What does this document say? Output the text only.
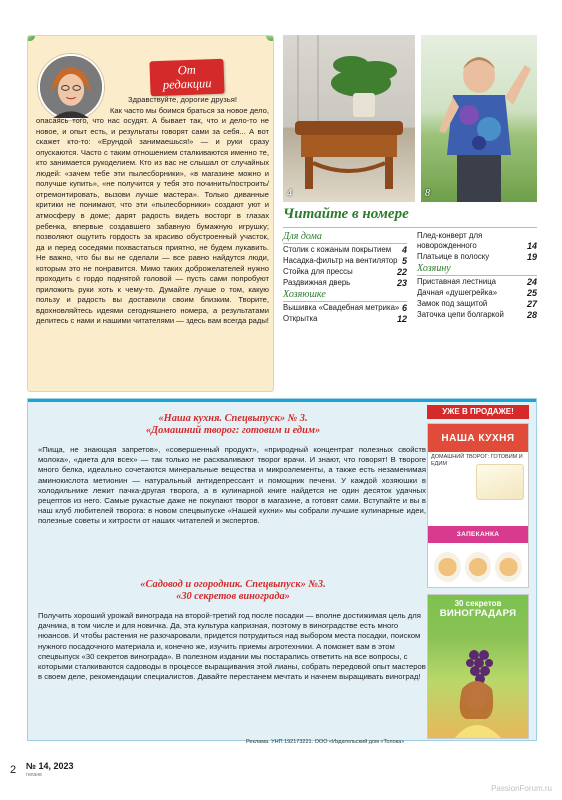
От
редакции
Здравствуйте, дорогие друзья!
Как часто мы боимся браться за новое дело, опасаясь того, что нас осудят. А бывает так, что и дело-то не новое, и опыт есть, и результаты говорят сами за себя... А вот скажет кто-то: «Ерундой занимаешься!» — и руки сразу опускаются. Часто с таким отношением сталкиваются именно те, кто занимается рукоделием. Кто из вас не слышал от случайных людей: «зачем тебе эти пылесборники», «в магазине можно и получше купить», «не получится у тебя это починить/построить/отремонтировать, вызови лучше мастера». Только диванные критики не понимают, что эти «пылесборники» создают уют и атмосферу в доме; дарят радость видеть восторг в глазах ребенка, впервые создавшего забавную бумажную игрушку; позволяют ощутить гордость за красиво обустроенный участок, да и перед соседями похвастаться приятно, не будем лукавить. Не важно, что бы вы не сделали — все равно найдутся люди, которым это не понравится. Мимо таких доброжелателей нужно проходить с гордо поднятой головой — пусть сами попробуют приложить руки хоть к чему-то. Думайте лучше о том, какую пользу и радость вы доставили своим близким. Творите, вдохновляйтесь идеями сегодняшнего номера, а результатами делитесь с нами и нашими читателями — здесь вам всегда рады!
4	8
Читайте в номере
Для дома
Столик с кожаным покрытием	4
Насадка-фильтр на вентилятор 5
Стойка для прессы	22
Раздвижная дверь	23
Хозяюшке
Вышивка «Свадебная метрика» 6
Открытка	12
Плед-конверт для новорожденного	14
Платьице в полоску	19
Хозяину
Приставная лестница	24
Дачная «душегрейка»	25
Замок под защитой	27
Заточка цепи болгаркой	28
«Наша кухня. Спецвыпуск» № 3.
«Домашний творог: готовим и едим»
«Пища, не знающая запретов», «совершенный продукт», «природный концентрат полезных свойств молока», «диета для всех» — так только не расхваливают творог врачи. И знают, что говорят! В твороге много белка, идеально сочетаются минеральные вещества и микроэлементы, а также есть незаменимая аминокислота метионин — натуральный антидепрессант и помощник печени. У каждой хозяюшки в холодильнике лежит пачка-другая творога, а в кулинарной книге найдется не один десяток удачных рецептов из него. Самые рукастые даже не покупают творог в магазине, а готовят сами. Вступайте и вы в наш клуб любителей творога: в новом спецвыпуске «Нашей кухни» мы собрали лучшие кулинарные идеи, полезные советы и хитрости от наших читателей и экспертов.
«Садовод и огородник. Спецвыпуск» №3.
«30 секретов винограда»
Получить хороший урожай винограда на второй-третий год после посадки — вполне достижимая цель для дачника, в том числе и для новичка. Да, эта культура капризная, поэтому в виноградстве есть много нюансов. И чтобы растения не разочаровали, придется потрудиться над выбором места посадки, поиском нужного посадочного материала и, конечно же, изучить приемы агротехники. А поможет вам в этом спецвыпуск «30 секретов винограда». В полезном издании мы постарались ответить на все вопросы, с которыми сталкиваются садоводы в процессе выращивания этой лианы, собрать передовой опыт мастеров в своем деле, рекомендации специалистов. Давайте перестанем мечтать и начнем выращивать виноград!
УЖЕ В ПРОДАЖЕ!
НАША КУХНЯ
ДОМАШНИЙ ТВОРОГ: ГОТОВИМ И ЕДИМ
ЗАПЕКАНКА
30 секретов
ВИНОГРАДАРЯ
Реклама. УНП 192173221. ООО «Издательский дом «Толока»
2 № 14, 2023
гиланв
PassionForum.ru
